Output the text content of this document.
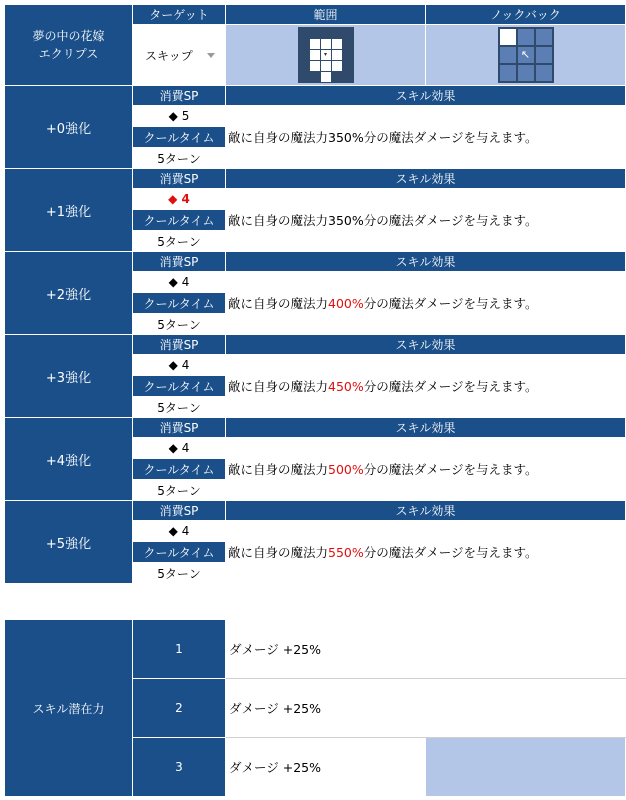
夢の中の花嫁
エクリプス	ターゲット	範囲	ノックバック

	スキップ	▾	↖

+0強化	消費SP	スキル効果	
	◆ 5	敵に自身の魔法力350%分の魔法ダメージを与えます。	
	クールタイム		
	5ターン		
+1強化	消費SP	スキル効果	
	◆ 4	敵に自身の魔法力350%分の魔法ダメージを与えます。	
	クールタイム		
	5ターン		
+2強化	消費SP	スキル効果	
	◆ 4	敵に自身の魔法力400%分の魔法ダメージを与えます。	
	クールタイム		
	5ターン		
+3強化	消費SP	スキル効果	
	◆ 4	敵に自身の魔法力450%分の魔法ダメージを与えます。	
	クールタイム		
	5ターン		
+4強化	消費SP	スキル効果	
	◆ 4	敵に自身の魔法力500%分の魔法ダメージを与えます。	
	クールタイム		
	5ターン		
+5強化	消費SP	スキル効果	
	◆ 4	敵に自身の魔法力550%分の魔法ダメージを与えます。	
	クールタイム		
	5ターン		
スキル潜在力	1	ダメージ +25%	
	2	ダメージ +25%	
	3	ダメージ +25%	
